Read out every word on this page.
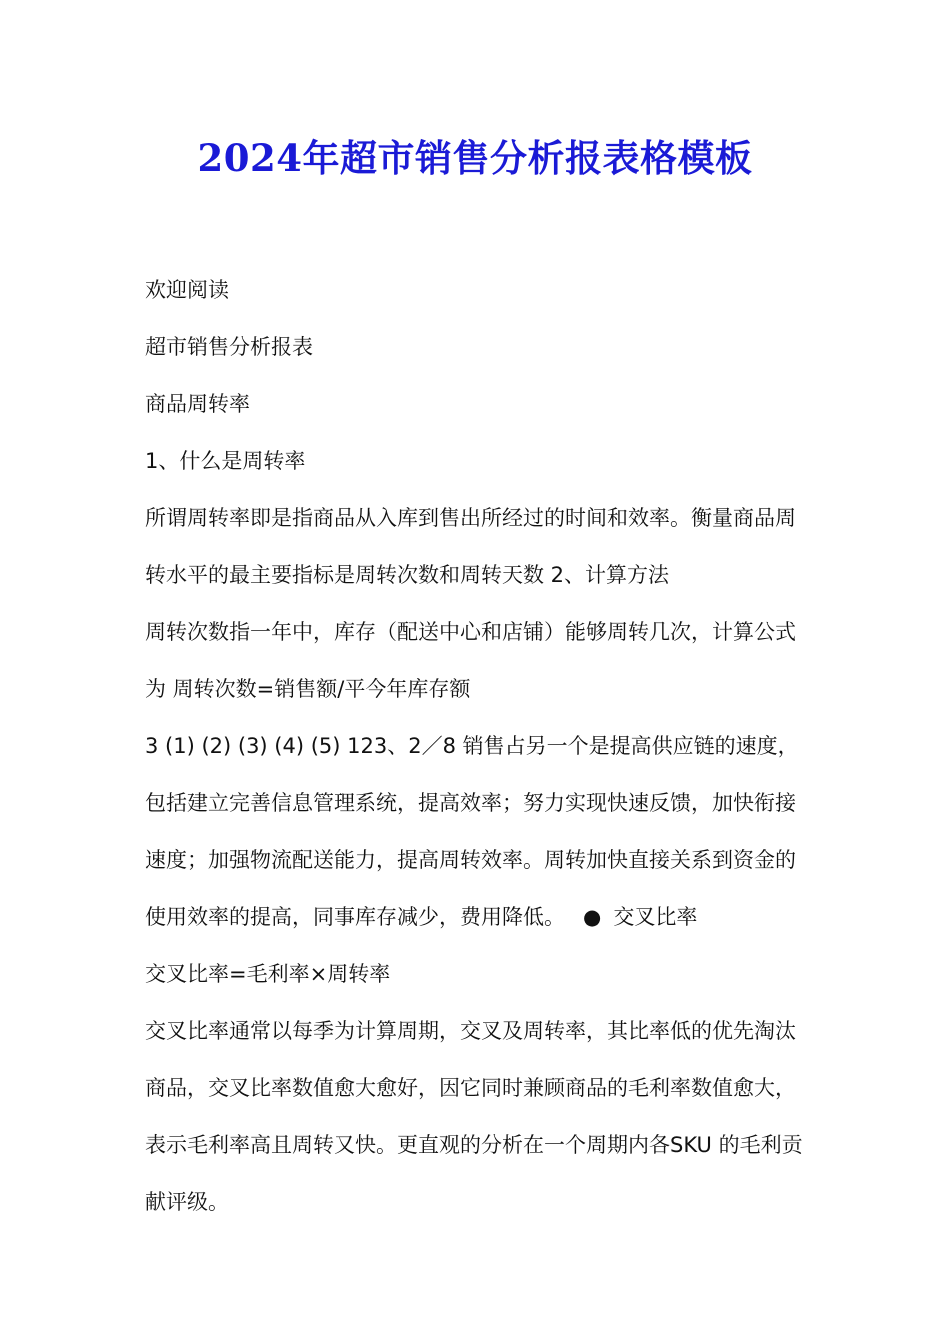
2024年超市销售分析报表格模板

欢迎阅读

超市销售分析报表

商品周转率

1、什么是周转率

所谓周转率即是指商品从入库到售出所经过的时间和效率。衡量商品周转水平的最主要指标是周转次数和周转天数 2、计算方法

周转次数指一年中，库存（配送中心和店铺）能够周转几次，计算公式为 周转次数=销售额/平今年库存额

3 (1) (2) (3) (4) (5) 123、2／8 销售占另一个是提高供应链的速度，包括建立完善信息管理系统，提高效率；努力实现快速反馈，加快衔接速度；加强物流配送能力，提高周转效率。周转加快直接关系到资金的使用效率的提高，同事库存减少，费用降低。 ● 交叉比率

交叉比率=毛利率×周转率

交叉比率通常以每季为计算周期，交叉及周转率，其比率低的优先淘汰商品，交叉比率数值愈大愈好，因它同时兼顾商品的毛利率数值愈大，表示毛利率高且周转又快。更直观的分析在一个周期内各SKU 的毛利贡献评级。
